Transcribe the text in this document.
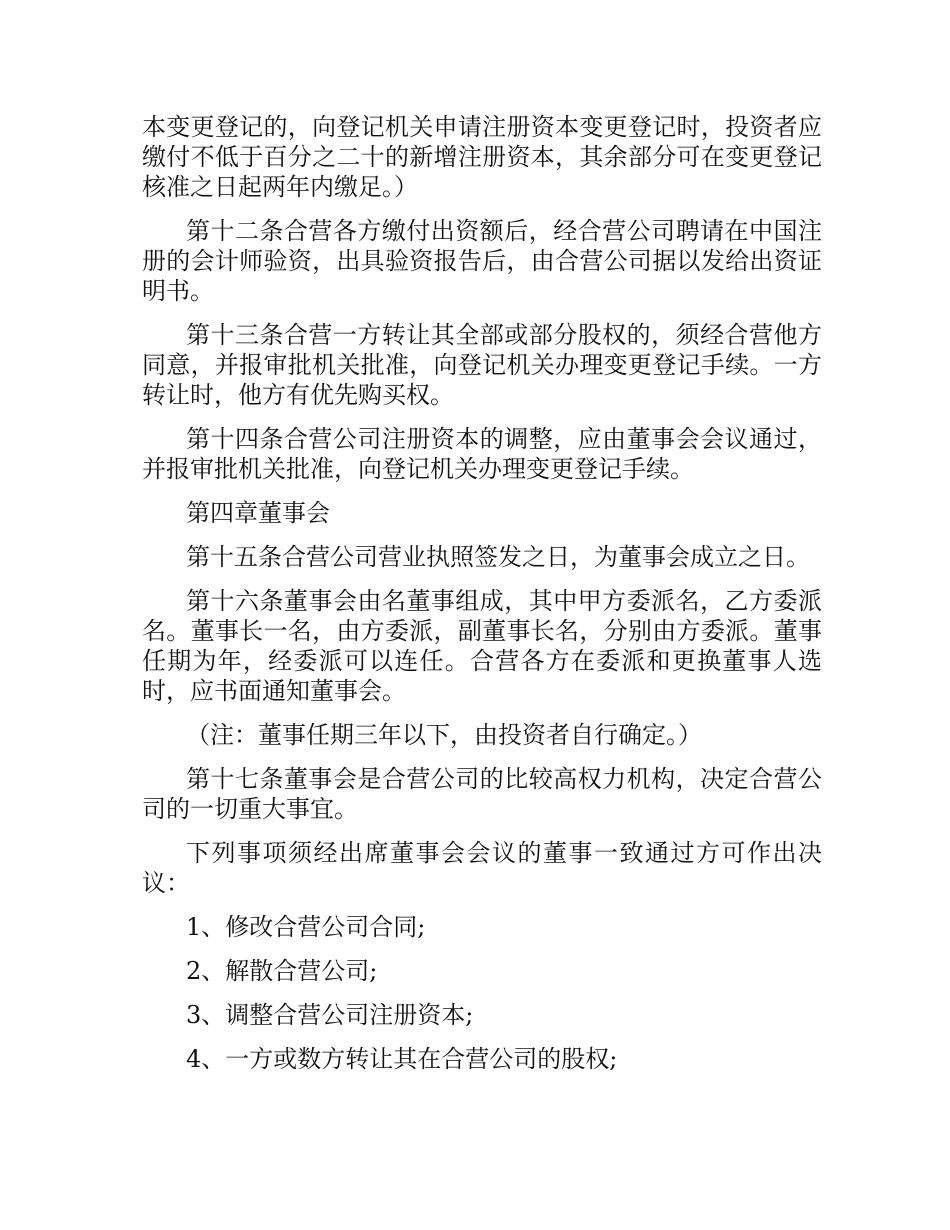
本变更登记的，向登记机关申请注册资本变更登记时，投资者应缴付不低于百分之二十的新增注册资本，其余部分可在变更登记核准之日起两年内缴足。）

第十二条合营各方缴付出资额后，经合营公司聘请在中国注册的会计师验资，出具验资报告后，由合营公司据以发给出资证明书。

第十三条合营一方转让其全部或部分股权的，须经合营他方同意，并报审批机关批准，向登记机关办理变更登记手续。一方转让时，他方有优先购买权。

第十四条合营公司注册资本的调整，应由董事会会议通过，并报审批机关批准，向登记机关办理变更登记手续。

第四章董事会

第十五条合营公司营业执照签发之日，为董事会成立之日。

第十六条董事会由名董事组成，其中甲方委派名，乙方委派名。董事长一名，由方委派，副董事长名，分别由方委派。董事任期为年，经委派可以连任。合营各方在委派和更换董事人选时，应书面通知董事会。

（注：董事任期三年以下，由投资者自行确定。）

第十七条董事会是合营公司的比较高权力机构，决定合营公司的一切重大事宜。

下列事项须经出席董事会会议的董事一致通过方可作出决议：

1、修改合营公司合同;

2、解散合营公司;

3、调整合营公司注册资本;

4、一方或数方转让其在合营公司的股权;
